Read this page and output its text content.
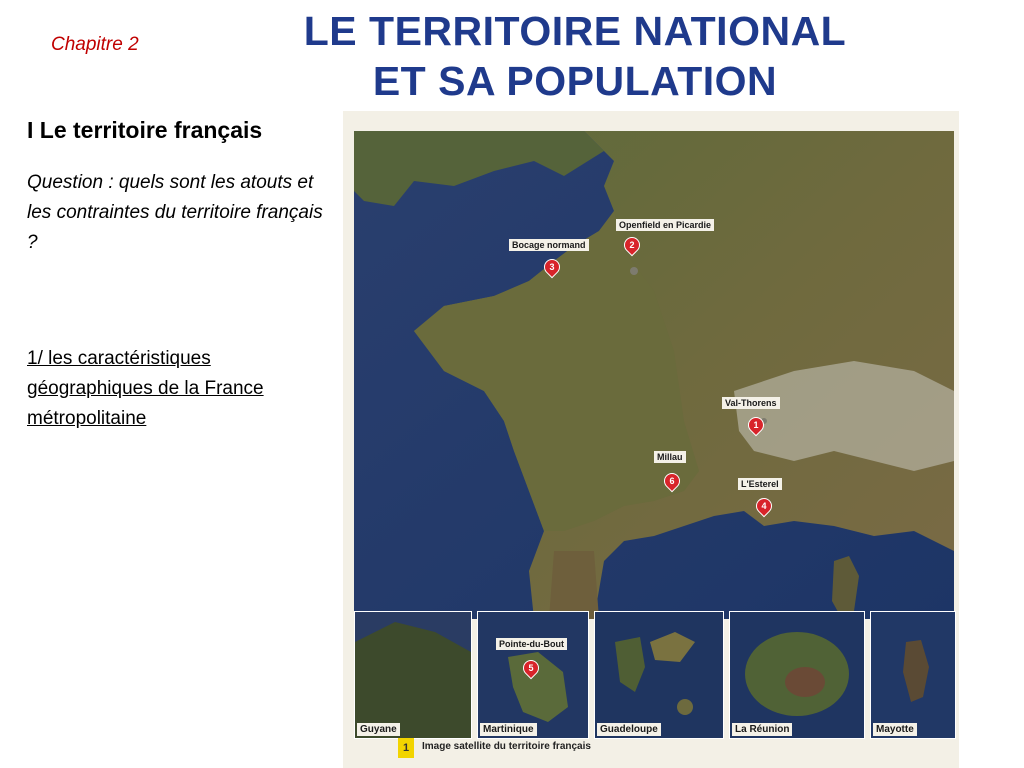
Chapitre 2	LE TERRITOIRE NATIONAL
ET SA POPULATION
I Le territoire français
Question : quels sont les atouts et les contraintes du territoire français ?
1/ les caractéristiques géographiques de la France métropolitaine
Openfield en Picardie
2
Bocage normand
3
Val-Thorens
1
Millau
6	L'Esterel
4
Guyane
Pointe-du-Bout
5
Martinique	Guadeloupe	La Réunion	Mayotte
1	Image satellite du territoire français
